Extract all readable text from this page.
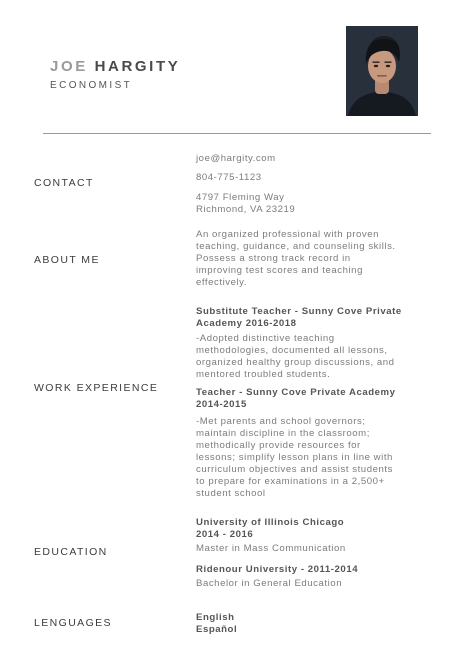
JOE HARGITY
ECONOMIST
CONTACT
joe@hargity.com
804-775-1123
4797 Fleming Way
Richmond, VA 23219
ABOUT ME
An organized professional with proven
teaching, guidance, and counseling skills.
Possess a strong track record in
improving test scores and teaching
effectively.
WORK EXPERIENCE
Substitute Teacher - Sunny Cove Private
Academy 2016-2018
-Adopted distinctive teaching
methodologies, documented all lessons,
organized healthy group discussions, and
mentored troubled students.
Teacher - Sunny Cove Private Academy
2014-2015
-Met parents and school governors;
maintain discipline in the classroom;
methodically provide resources for
lessons; simplify lesson plans in line with
curriculum objectives and assist students
to prepare for examinations in a 2,500+
student school
EDUCATION
University of Illinois Chicago
2014 - 2016
Master in Mass Communication
Ridenour University - 2011-2014
Bachelor in General Education
LENGUAGES	English
Español
